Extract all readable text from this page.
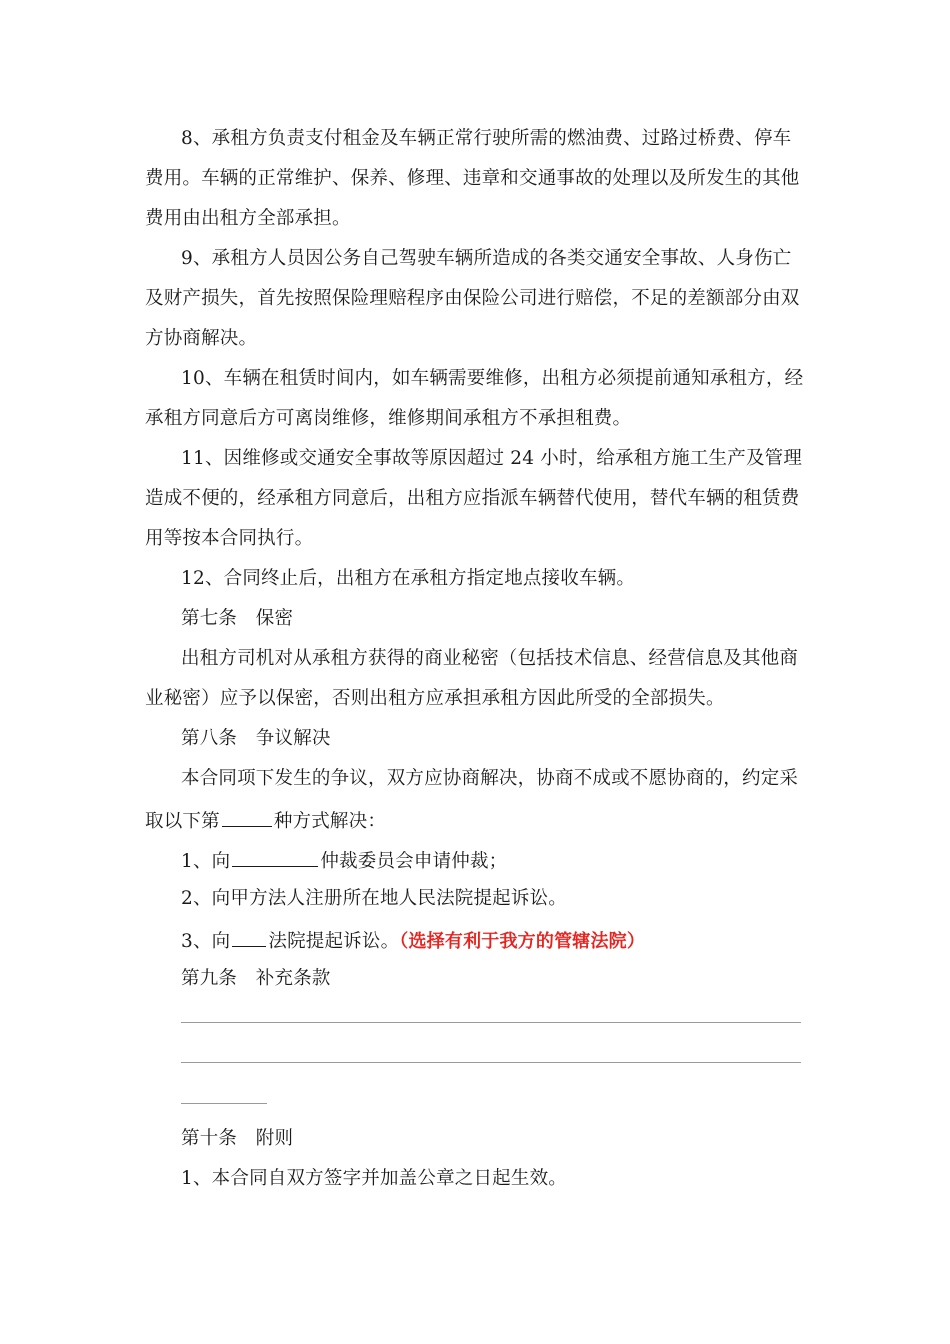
8、承租方负责支付租金及车辆正常行驶所需的燃油费、过路过桥费、停车
费用。车辆的正常维护、保养、修理、违章和交通事故的处理以及所发生的其他
费用由出租方全部承担。
9、承租方人员因公务自己驾驶车辆所造成的各类交通安全事故、人身伤亡
及财产损失，首先按照保险理赔程序由保险公司进行赔偿，不足的差额部分由双
方协商解决。
10、车辆在租赁时间内，如车辆需要维修，出租方必须提前通知承租方，经
承租方同意后方可离岗维修，维修期间承租方不承担租费。
11、因维修或交通安全事故等原因超过 24 小时，给承租方施工生产及管理
造成不便的，经承租方同意后，出租方应指派车辆替代使用，替代车辆的租赁费
用等按本合同执行。
12、合同终止后，出租方在承租方指定地点接收车辆。
第七条　保密
出租方司机对从承租方获得的商业秘密（包括技术信息、经营信息及其他商
业秘密）应予以保密，否则出租方应承担承租方因此所受的全部损失。
第八条　争议解决
本合同项下发生的争议，双方应协商解决，协商不成或不愿协商的，约定采
取以下第	种方式解决：
1、向	仲裁委员会申请仲裁；
2、向甲方法人注册所在地人民法院提起诉讼。
3、向 法院提起诉讼。（选择有利于我方的管辖法院）
第九条　补充条款
第十条　附则
1、本合同自双方签字并加盖公章之日起生效。
